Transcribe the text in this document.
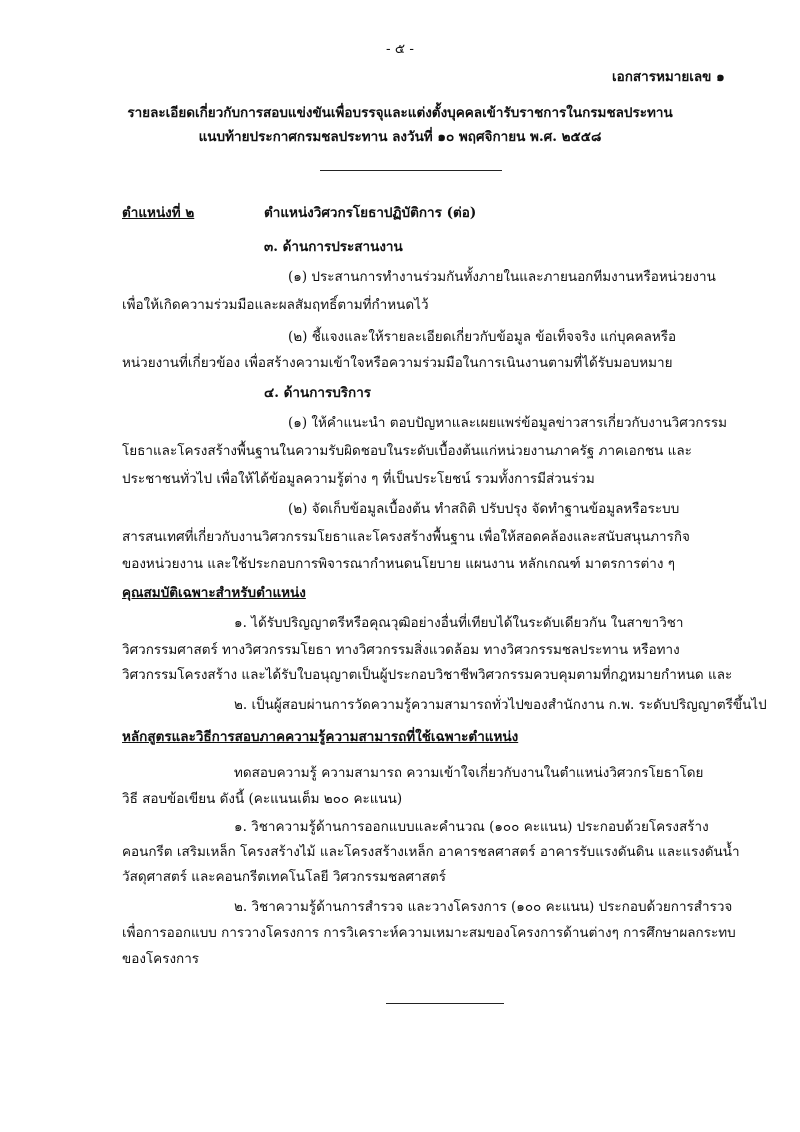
- ๕ -
เอกสารหมายเลข ๑
รายละเอียดเกี่ยวกับการสอบแข่งขันเพื่อบรรจุและแต่งตั้งบุคคลเข้ารับราชการในกรมชลประทาน
แนบท้ายประกาศกรมชลประทาน ลงวันที่ ๑๐ พฤศจิกายน พ.ศ. ๒๕๕๘
ตำแหน่งที่ ๒	ตำแหน่งวิศวกรโยธาปฏิบัติการ (ต่อ)
๓. ด้านการประสานงาน
(๑) ประสานการทำงานร่วมกันทั้งภายในและภายนอกทีมงานหรือหน่วยงาน
เพื่อให้เกิดความร่วมมือและผลสัมฤทธิ์ตามที่กำหนดไว้
(๒) ชี้แจงและให้รายละเอียดเกี่ยวกับข้อมูล ข้อเท็จจริง แก่บุคคลหรือ
หน่วยงานที่เกี่ยวข้อง เพื่อสร้างความเข้าใจหรือความร่วมมือในการเนินงานตามที่ได้รับมอบหมาย
๔. ด้านการบริการ
(๑) ให้คำแนะนำ ตอบปัญหาและเผยแพร่ข้อมูลข่าวสารเกี่ยวกับงานวิศวกรรม
โยธาและโครงสร้างพื้นฐานในความรับผิดชอบในระดับเบื้องต้นแก่หน่วยงานภาครัฐ ภาคเอกชน และ
ประชาชนทั่วไป เพื่อให้ได้ข้อมูลความรู้ต่าง ๆ ที่เป็นประโยชน์ รวมทั้งการมีส่วนร่วม
(๒) จัดเก็บข้อมูลเบื้องต้น ทำสถิติ ปรับปรุง จัดทำฐานข้อมูลหรือระบบ
สารสนเทศที่เกี่ยวกับงานวิศวกรรมโยธาและโครงสร้างพื้นฐาน เพื่อให้สอดคล้องและสนับสนุนภารกิจ
ของหน่วยงาน และใช้ประกอบการพิจารณากำหนดนโยบาย แผนงาน หลักเกณฑ์ มาตรการต่าง ๆ
คุณสมบัติเฉพาะสำหรับตำแหน่ง
๑. ได้รับปริญญาตรีหรือคุณวุฒิอย่างอื่นที่เทียบได้ในระดับเดียวกัน ในสาขาวิชา
วิศวกรรมศาสตร์ ทางวิศวกรรมโยธา ทางวิศวกรรมสิ่งแวดล้อม ทางวิศวกรรมชลประทาน หรือทาง
วิศวกรรมโครงสร้าง และได้รับใบอนุญาตเป็นผู้ประกอบวิชาชีพวิศวกรรมควบคุมตามที่กฎหมายกำหนด และ
๒. เป็นผู้สอบผ่านการวัดความรู้ความสามารถทั่วไปของสำนักงาน ก.พ. ระดับปริญญาตรีขึ้นไป
หลักสูตรและวิธีการสอบภาคความรู้ความสามารถที่ใช้เฉพาะตำแหน่ง
ทดสอบความรู้ ความสามารถ ความเข้าใจเกี่ยวกับงานในตำแหน่งวิศวกรโยธาโดย
วิธี สอบข้อเขียน ดังนี้ (คะแนนเต็ม ๒๐๐ คะแนน)
๑. วิชาความรู้ด้านการออกแบบและคำนวณ (๑๐๐ คะแนน) ประกอบด้วยโครงสร้าง
คอนกรีต เสริมเหล็ก โครงสร้างไม้ และโครงสร้างเหล็ก อาคารชลศาสตร์ อาคารรับแรงดันดิน และแรงดันน้ำ
วัสดุศาสตร์ และคอนกรีตเทคโนโลยี วิศวกรรมชลศาสตร์
๒. วิชาความรู้ด้านการสำรวจ และวางโครงการ (๑๐๐ คะแนน) ประกอบด้วยการสำรวจ
เพื่อการออกแบบ การวางโครงการ การวิเคราะห์ความเหมาะสมของโครงการด้านต่างๆ การศึกษาผลกระทบ
ของโครงการ
